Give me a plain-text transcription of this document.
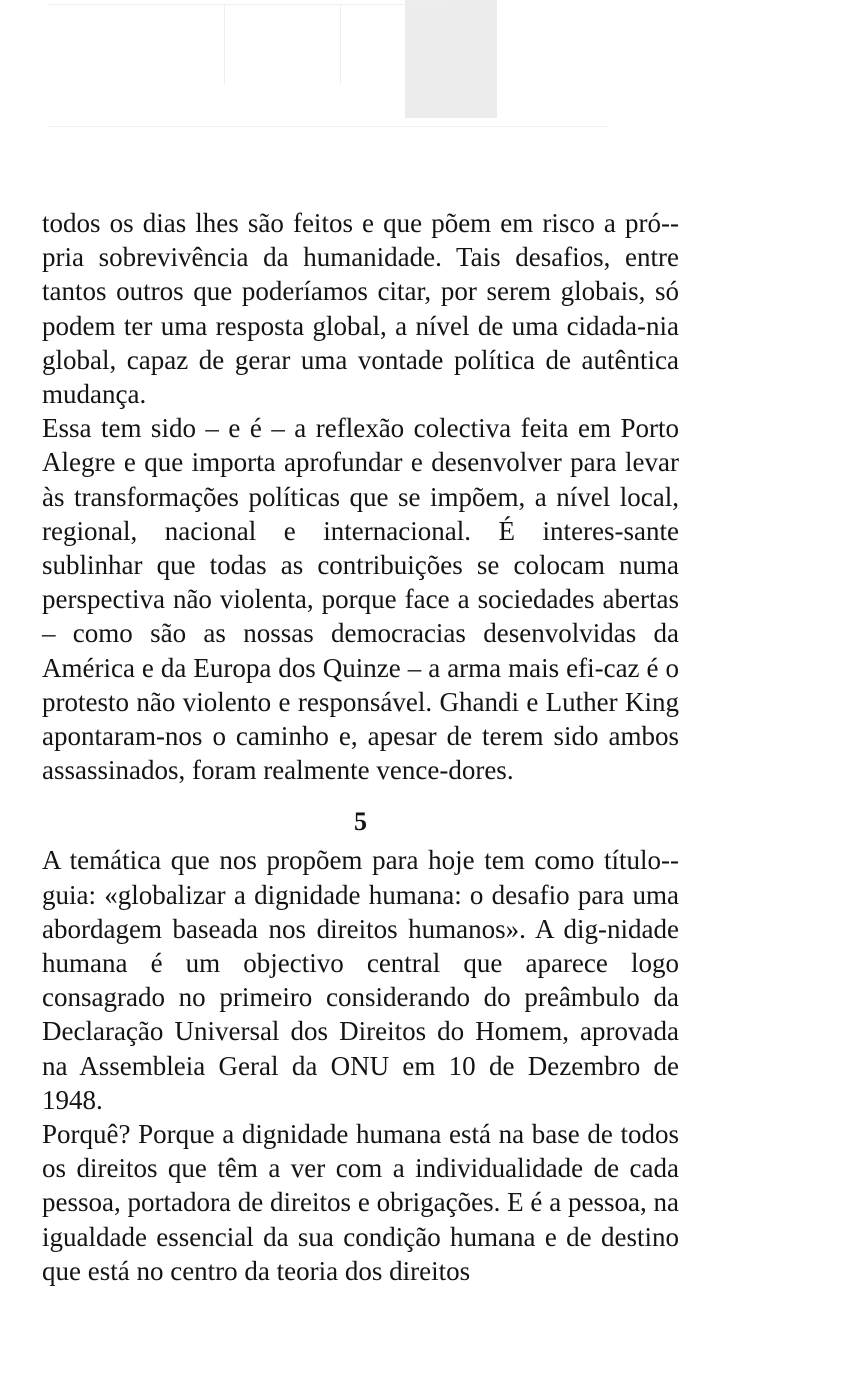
todos os dias lhes são feitos e que põem em risco a pró-pria sobrevivência da humanidade. Tais desafios, entre tantos outros que poderíamos citar, por serem globais, só podem ter uma resposta global, a nível de uma cidada-nia global, capaz de gerar uma vontade política de autêntica mudança.

Essa tem sido – e é – a reflexão colectiva feita em Porto Alegre e que importa aprofundar e desenvolver para levar às transformações políticas que se impõem, a nível local, regional, nacional e internacional. É interes-sante sublinhar que todas as contribuições se colocam numa perspectiva não violenta, porque face a sociedades abertas – como são as nossas democracias desenvolvidas da América e da Europa dos Quinze – a arma mais efi-caz é o protesto não violento e responsável. Ghandi e Luther King apontaram-nos o caminho e, apesar de terem sido ambos assassinados, foram realmente vence-dores.

5

A temática que nos propõem para hoje tem como título--guia: «globalizar a dignidade humana: o desafio para uma abordagem baseada nos direitos humanos». A dig-nidade humana é um objectivo central que aparece logo consagrado no primeiro considerando do preâmbulo da Declaração Universal dos Direitos do Homem, aprovada na Assembleia Geral da ONU em 10 de Dezembro de 1948.

Porquê? Porque a dignidade humana está na base de todos os direitos que têm a ver com a individualidade de cada pessoa, portadora de direitos e obrigações. E é a pessoa, na igualdade essencial da sua condição humana e de destino que está no centro da teoria dos direitos
